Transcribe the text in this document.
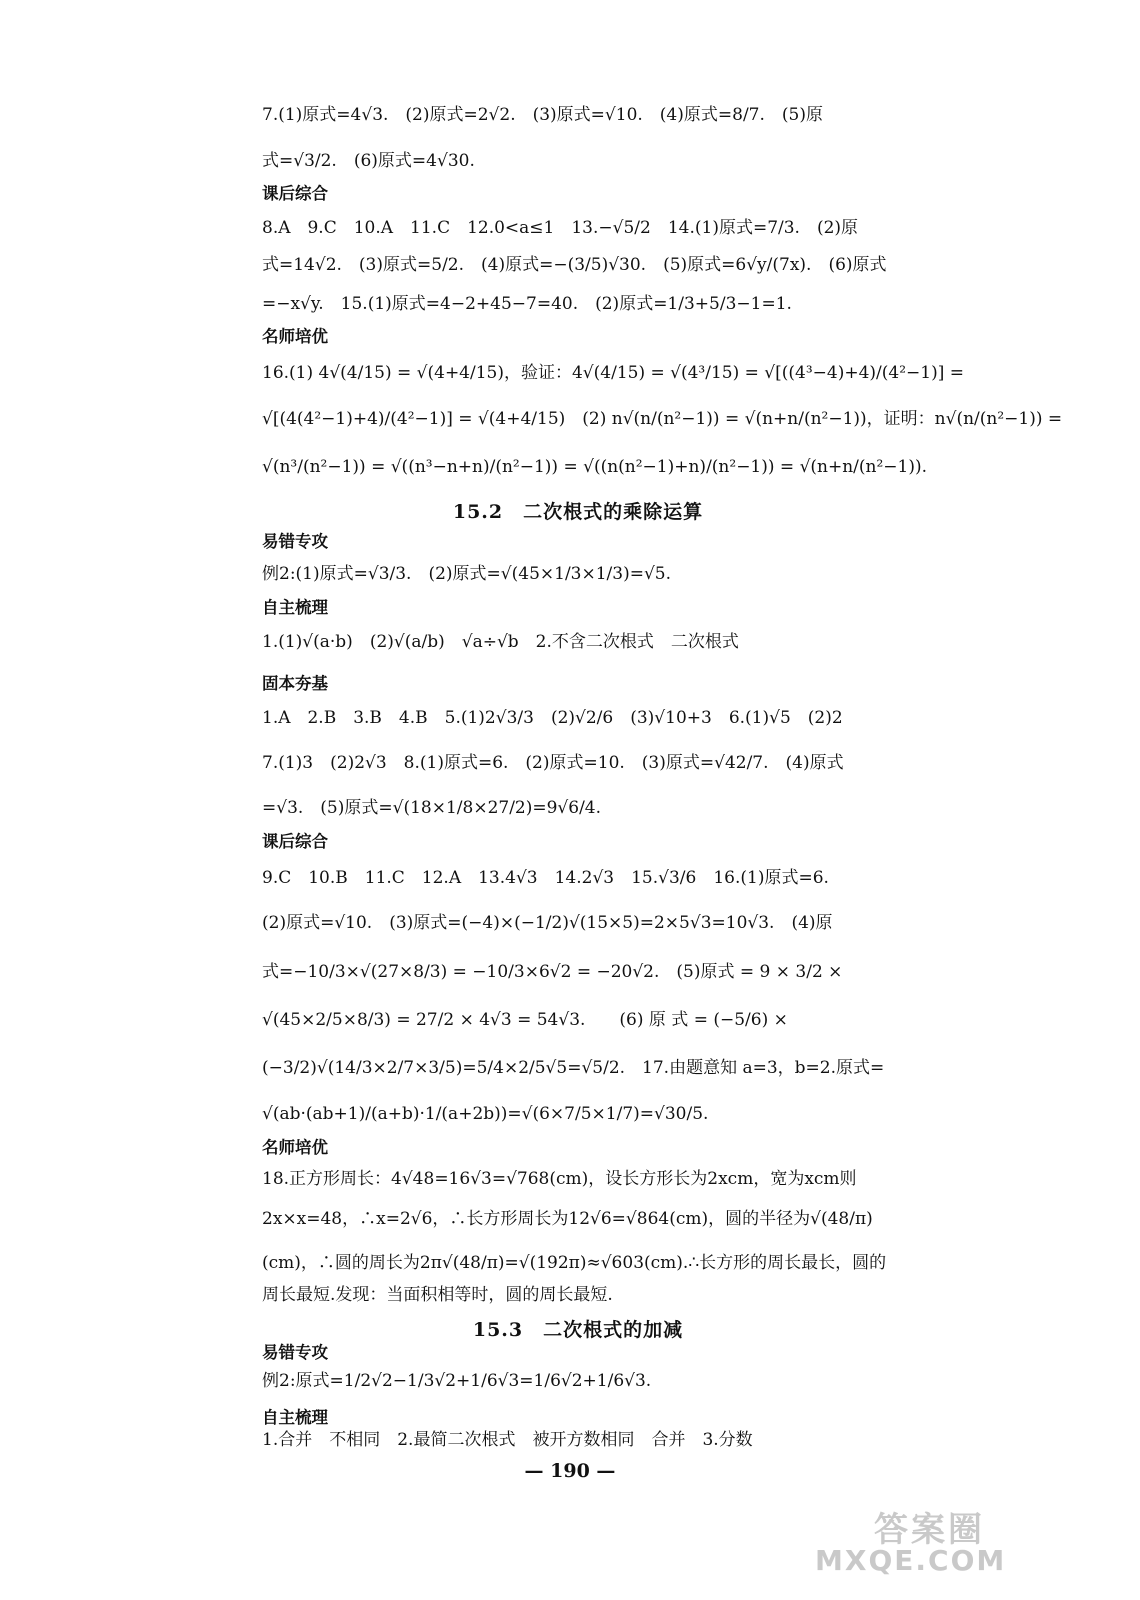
7.(1)原式=4√3.　(2)原式=2√2.　(3)原式=√10.　(4)原式=8/7.　(5)原
式=√3/2.　(6)原式=4√30.
课后综合
8.A　9.C　10.A　11.C　12.0<a≤1　13.−√5/2　14.(1)原式=7/3.　(2)原
式=14√2.　(3)原式=5/2.　(4)原式=−(3/5)√30.　(5)原式=6√y/(7x).　(6)原式
=−x√y.　15.(1)原式=4−2+45−7=40.　(2)原式=1/3+5/3−1=1.
名师培优
16.(1) 4√(4/15) = √(4+4/15)，验证：4√(4/15) = √(4³/15) = √[((4³−4)+4)/(4²−1)] =
√[(4(4²−1)+4)/(4²−1)] = √(4+4/15)　(2) n√(n/(n²−1)) = √(n+n/(n²−1))，证明：n√(n/(n²−1)) =
√(n³/(n²−1)) = √((n³−n+n)/(n²−1)) = √((n(n²−1)+n)/(n²−1)) = √(n+n/(n²−1)).
15.2　二次根式的乘除运算
易错专攻
例2:(1)原式=√3/3.　(2)原式=√(45×1/3×1/3)=√5.
自主梳理
1.(1)√(a·b)　(2)√(a/b)　√a÷√b　2.不含二次根式　二次根式
固本夯基
1.A　2.B　3.B　4.B　5.(1)2√3/3　(2)√2/6　(3)√10+3　6.(1)√5　(2)2
7.(1)3　(2)2√3　8.(1)原式=6.　(2)原式=10.　(3)原式=√42/7.　(4)原式
=√3.　(5)原式=√(18×1/8×27/2)=9√6/4.
课后综合
9.C　10.B　11.C　12.A　13.4√3　14.2√3　15.√3/6　16.(1)原式=6.
(2)原式=√10.　(3)原式=(−4)×(−1/2)√(15×5)=2×5√3=10√3.　(4)原
式=−10/3×√(27×8/3) = −10/3×6√2 = −20√2.　(5)原式 = 9 × 3/2 ×
√(45×2/5×8/3) = 27/2 × 4√3 = 54√3.　　(6) 原 式 = (−5/6) ×
(−3/2)√(14/3×2/7×3/5)=5/4×2/5√5=√5/2.　17.由题意知 a=3，b=2.原式=
√(ab·(ab+1)/(a+b)·1/(a+2b))=√(6×7/5×1/7)=√30/5.
名师培优
18.正方形周长：4√48=16√3=√768(cm)，设长方形长为2xcm，宽为xcm则
2x×x=48，∴x=2√6，∴长方形周长为12√6=√864(cm)，圆的半径为√(48/π)
(cm)，∴圆的周长为2π√(48/π)=√(192π)≈√603(cm).∴长方形的周长最长，圆的
周长最短.发现：当面积相等时，圆的周长最短.
15.3　二次根式的加减
易错专攻
例2:原式=1/2√2−1/3√2+1/6√3=1/6√2+1/6√3.
自主梳理
1.合并　不相同　2.最简二次根式　被开方数相同　合并　3.分数
— 190 —
答案圈
MXQE.COM
